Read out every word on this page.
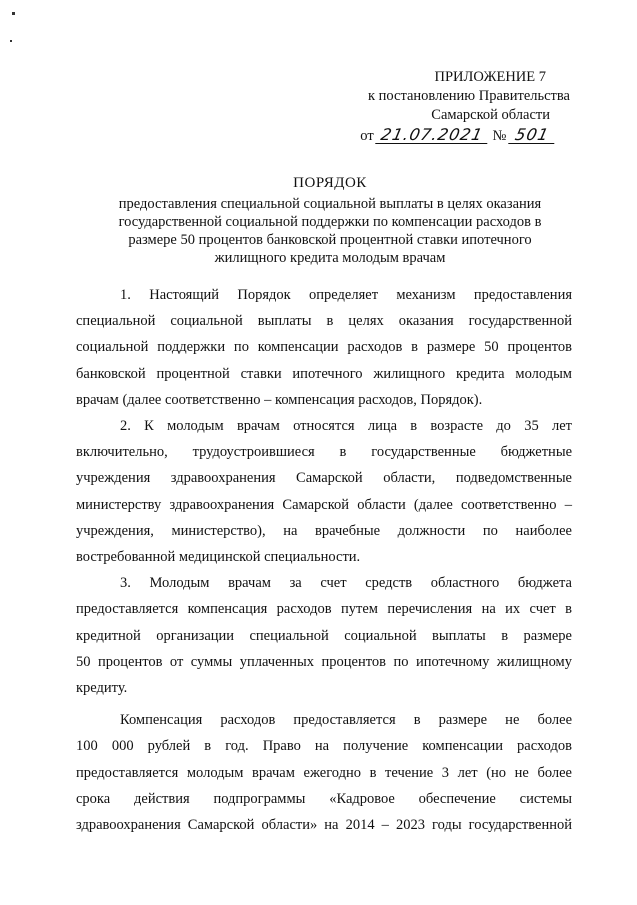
ПРИЛОЖЕНИЕ 7
к постановлению Правительства
Самарской области
от 21.07.2021 № 501
ПОРЯДОК
предоставления специальной социальной выплаты в целях оказания
государственной социальной поддержки по компенсации расходов в
размере 50 процентов банковской процентной ставки ипотечного
жилищного кредита молодым врачам
1. Настоящий Порядок определяет механизм предоставления
специальной социальной выплаты в целях оказания государственной
социальной поддержки по компенсации расходов в размере 50 процентов
банковской процентной ставки ипотечного жилищного кредита молодым
врачам (далее соответственно – компенсация расходов, Порядок).
2. К молодым врачам относятся лица в возрасте до 35 лет
включительно, трудоустроившиеся в государственные бюджетные
учреждения здравоохранения Самарской области, подведомственные
министерству здравоохранения Самарской области (далее соответственно –
учреждения, министерство), на врачебные должности по наиболее
востребованной медицинской специальности.
3. Молодым врачам за счет средств областного бюджета
предоставляется компенсация расходов путем перечисления на их счет в
кредитной организации специальной социальной выплаты в размере
50 процентов от суммы уплаченных процентов по ипотечному жилищному
кредиту.
Компенсация расходов предоставляется в размере не более
100 000 рублей в год. Право на получение компенсации расходов
предоставляется молодым врачам ежегодно в течение 3 лет (но не более
срока действия подпрограммы «Кадровое обеспечение системы
здравоохранения Самарской области» на 2014 – 2023 годы государственной
